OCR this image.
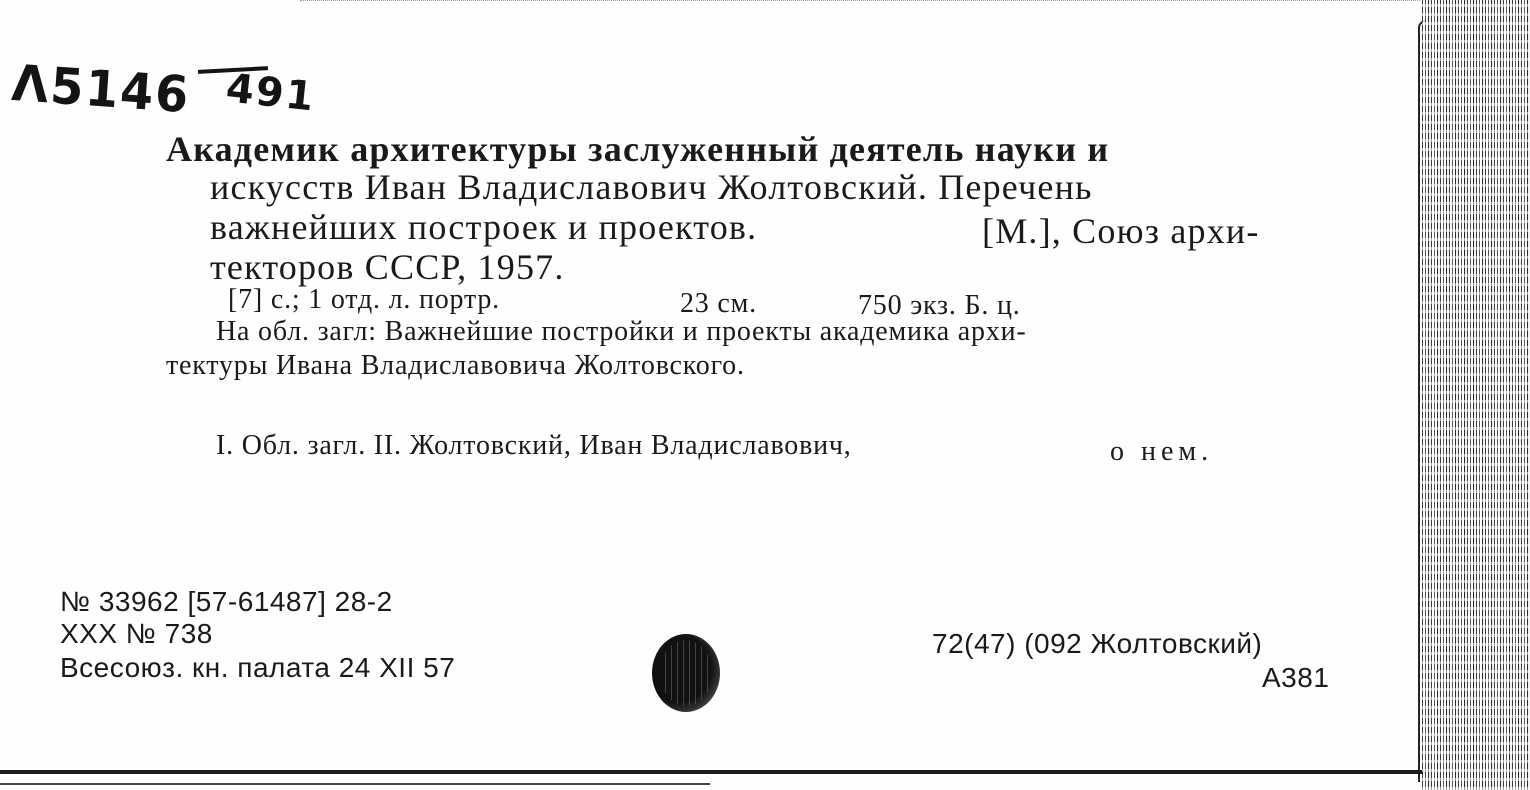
Λ5146 491
Академик архитектуры заслуженный деятель науки и
искусств Иван Владиславович Жолтовский. Перечень
важнейших построек и проектов.	[M.], Союз архи-
текторов СССР, 1957.
[7] с.; 1 отд. л. портр.	23 см.	750 экз. Б. ц.
На обл. загл: Важнейшие постройки и проекты академика архи-
тектуры Ивана Владиславовича Жолтовского.
I. Обл. загл. II. Жолтовский, Иван Владиславович,	о нем.
№ 33962 [57-61487] 28-2
XXX № 738
Всесоюз. кн. палата 24 XII 57
72(47) (092 Жолтовский)
A381
